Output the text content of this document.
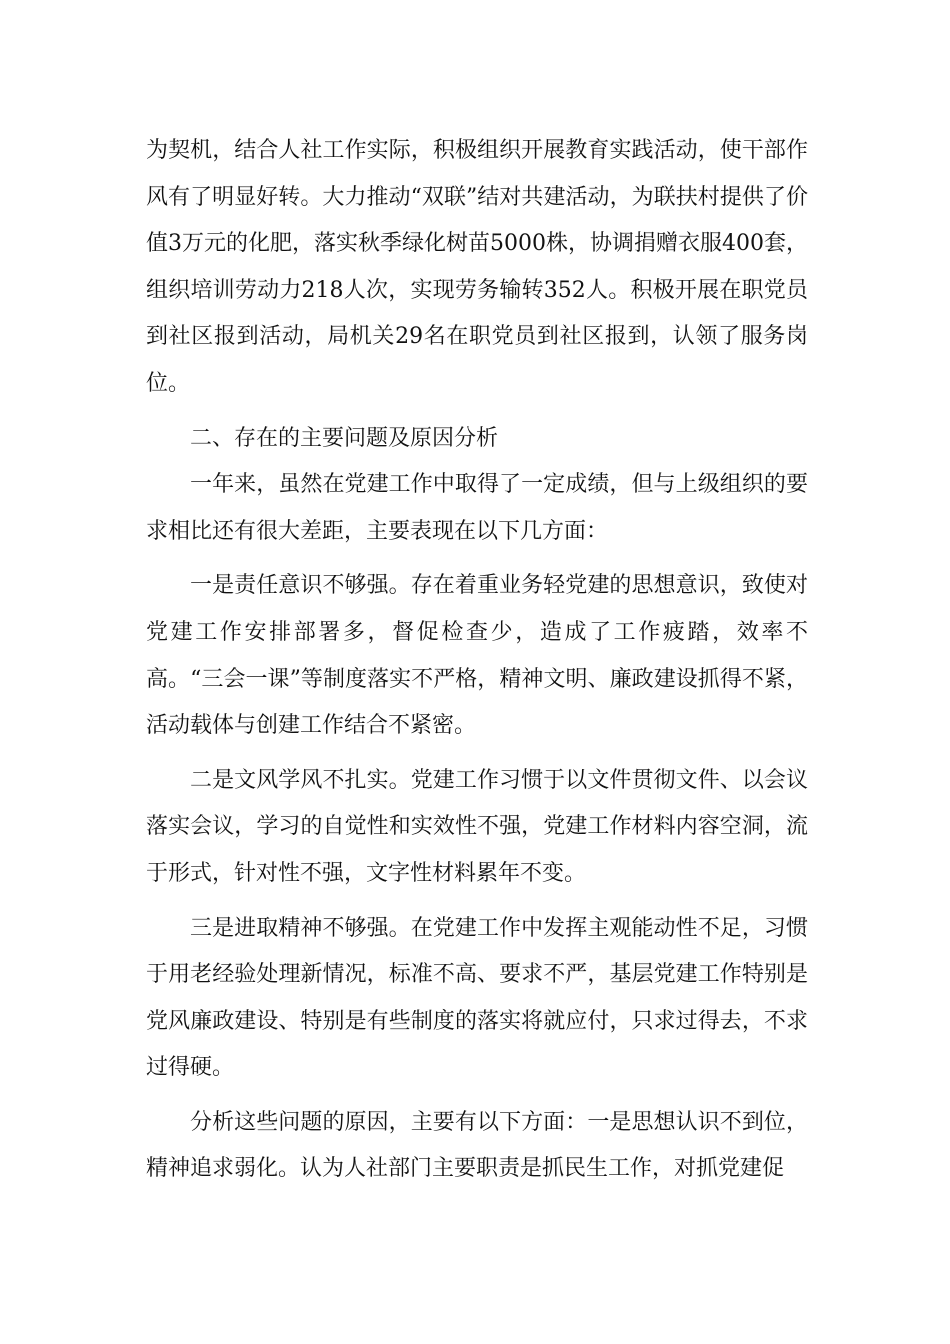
为契机，结合人社工作实际，积极组织开展教育实践活动，使干部作风有了明显好转。大力推动“双联”结对共建活动，为联扶村提供了价值3万元的化肥，落实秋季绿化树苗5000株，协调捐赠衣服400套，组织培训劳动力218人次，实现劳务输转352人。积极开展在职党员到社区报到活动，局机关29名在职党员到社区报到，认领了服务岗位。

二、存在的主要问题及原因分析

一年来，虽然在党建工作中取得了一定成绩，但与上级组织的要求相比还有很大差距，主要表现在以下几方面：

一是责任意识不够强。存在着重业务轻党建的思想意识，致使对党建工作安排部署多，督促检查少，造成了工作疲踏，效率不高。“三会一课”等制度落实不严格，精神文明、廉政建设抓得不紧，活动载体与创建工作结合不紧密。

二是文风学风不扎实。党建工作习惯于以文件贯彻文件、以会议落实会议，学习的自觉性和实效性不强，党建工作材料内容空洞，流于形式，针对性不强，文字性材料累年不变。

三是进取精神不够强。在党建工作中发挥主观能动性不足，习惯于用老经验处理新情况，标准不高、要求不严，基层党建工作特别是党风廉政建设、特别是有些制度的落实将就应付，只求过得去，不求过得硬。

分析这些问题的原因，主要有以下方面：一是思想认识不到位，精神追求弱化。认为人社部门主要职责是抓民生工作，对抓党建促
